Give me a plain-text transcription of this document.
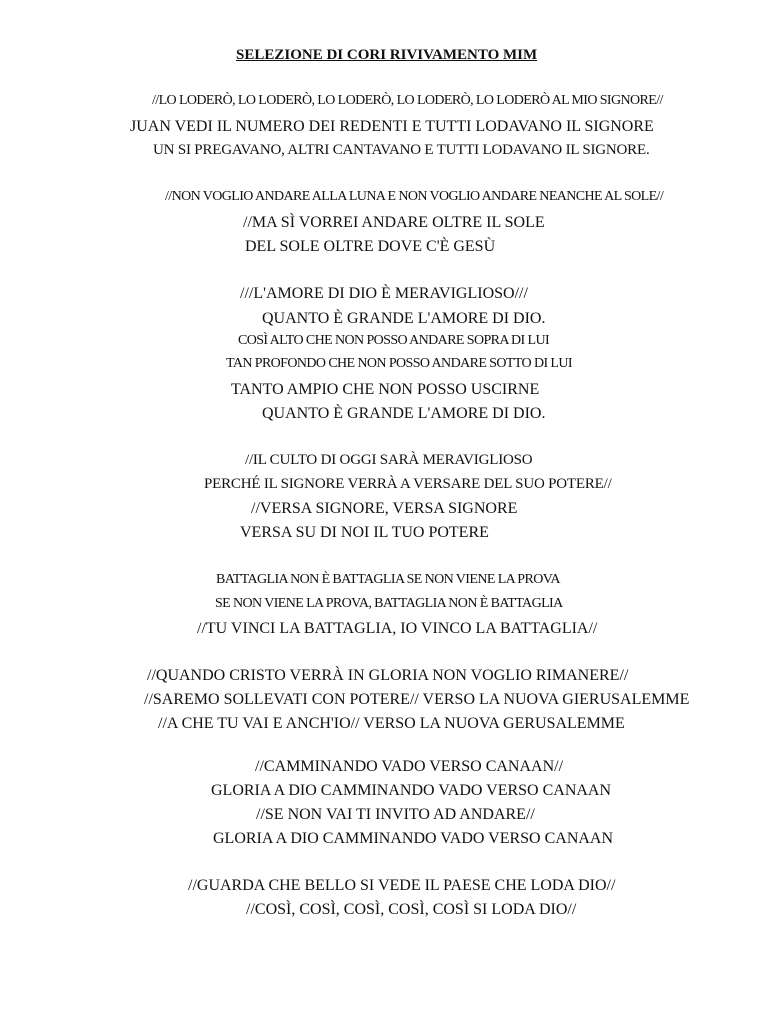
SELEZIONE DI CORI RIVIVAMENTO MIM
//LO LODERÒ, LO LODERÒ, LO LODERÒ, LO LODERÒ, LO LODERÒ AL MIO SIGNORE//
JUAN VEDI IL NUMERO DEI REDENTI E TUTTI LODAVANO IL SIGNORE
UN SI PREGAVANO, ALTRI CANTAVANO E TUTTI LODAVANO IL SIGNORE.
//NON VOGLIO ANDARE ALLA LUNA E NON VOGLIO ANDARE NEANCHE AL SOLE//
//MA SÌ VORREI ANDARE OLTRE IL SOLE
DEL SOLE OLTRE DOVE C'È GESÙ
///L'AMORE DI DIO È MERAVIGLIOSO///
QUANTO È GRANDE L'AMORE DI DIO.
COSÌ ALTO CHE NON POSSO ANDARE SOPRA DI LUI
TAN PROFONDO CHE NON POSSO ANDARE SOTTO DI LUI
TANTO AMPIO CHE NON POSSO USCIRNE
QUANTO È GRANDE L'AMORE DI DIO.
//IL CULTO DI OGGI SARÀ MERAVIGLIOSO
PERCHÉ IL SIGNORE VERRÀ A VERSARE DEL SUO POTERE//
//VERSA SIGNORE, VERSA SIGNORE
VERSA SU DI NOI IL TUO POTERE
BATTAGLIA NON È BATTAGLIA SE NON VIENE LA PROVA
SE NON VIENE LA PROVA, BATTAGLIA NON È BATTAGLIA
//TU VINCI LA BATTAGLIA, IO VINCO LA BATTAGLIA//
//QUANDO CRISTO VERRÀ IN GLORIA NON VOGLIO RIMANERE//
//SAREMO SOLLEVATI CON POTERE// VERSO LA NUOVA GIERUSALEMME
//A CHE TU VAI E ANCH'IO// VERSO LA NUOVA GERUSALEMME
//CAMMINANDO VADO VERSO CANAAN//
GLORIA A DIO CAMMINANDO VADO VERSO CANAAN
//SE NON VAI TI INVITO AD ANDARE//
GLORIA A DIO CAMMINANDO VADO VERSO CANAAN
//GUARDA CHE BELLO SI VEDE IL PAESE CHE LODA DIO//
//COSÌ, COSÌ, COSÌ, COSÌ, COSÌ SI LODA DIO//
